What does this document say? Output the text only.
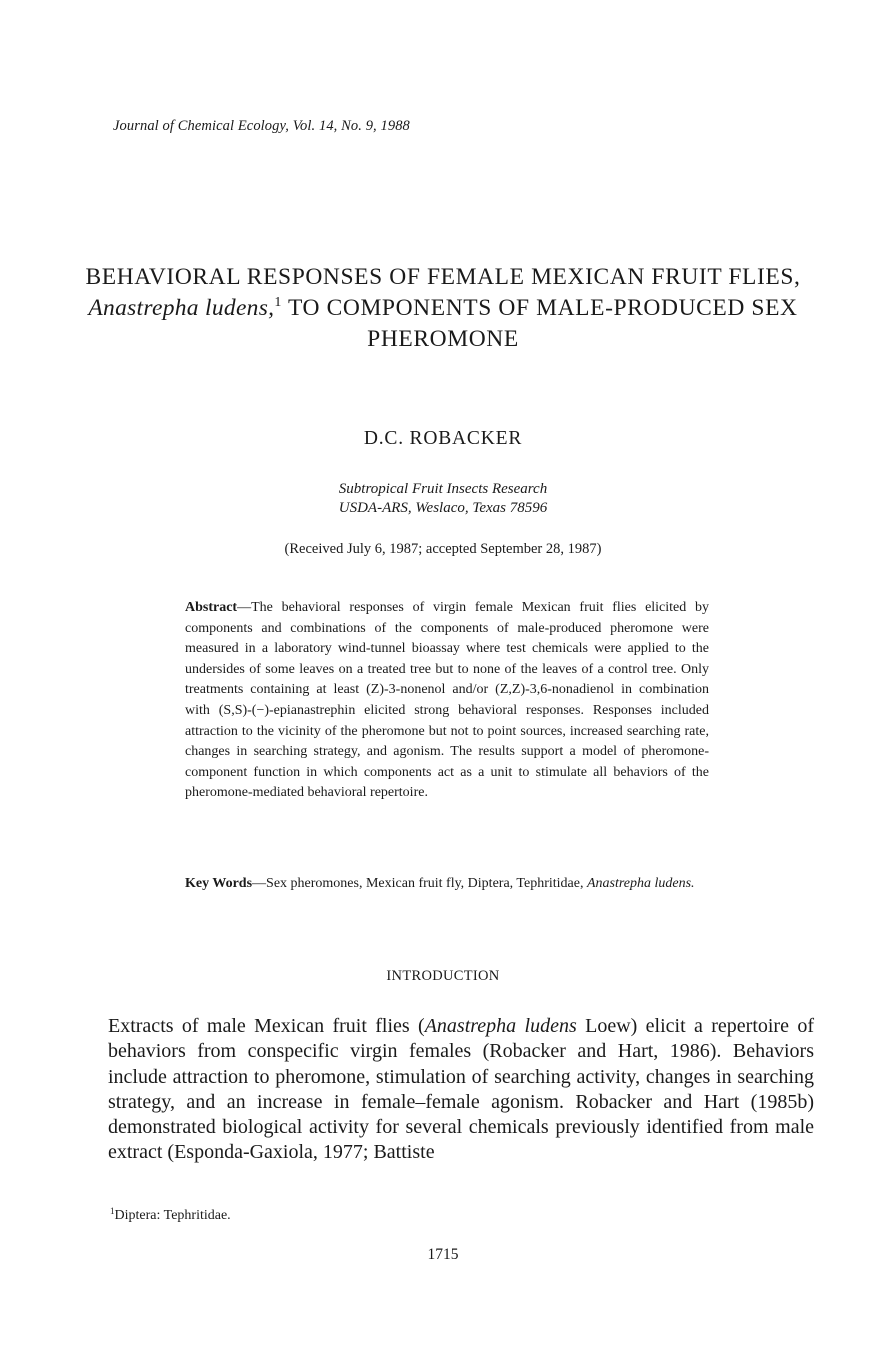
Journal of Chemical Ecology, Vol. 14, No. 9, 1988
BEHAVIORAL RESPONSES OF FEMALE MEXICAN FRUIT FLIES, Anastrepha ludens,$^1$ TO COMPONENTS OF MALE-PRODUCED SEX PHEROMONE
D.C. ROBACKER
Subtropical Fruit Insects Research
USDA-ARS, Weslaco, Texas 78596
(Received July 6, 1987; accepted September 28, 1987)
Abstract—The behavioral responses of virgin female Mexican fruit flies elicited by components and combinations of the components of male-produced pheromone were measured in a laboratory wind-tunnel bioassay where test chemicals were applied to the undersides of some leaves on a treated tree but to none of the leaves of a control tree. Only treatments containing at least (Z)-3-nonenol and/or (Z,Z)-3,6-nonadienol in combination with (S,S)-(−)-epianastrephin elicited strong behavioral responses. Responses included attraction to the vicinity of the pheromone but not to point sources, increased searching rate, changes in searching strategy, and agonism. The results support a model of pheromone-component function in which components act as a unit to stimulate all behaviors of the pheromone-mediated behavioral repertoire.
Key Words—Sex pheromones, Mexican fruit fly, Diptera, Tephritidae, Anastrepha ludens.
INTRODUCTION
Extracts of male Mexican fruit flies (Anastrepha ludens Loew) elicit a repertoire of behaviors from conspecific virgin females (Robacker and Hart, 1986). Behaviors include attraction to pheromone, stimulation of searching activity, changes in searching strategy, and an increase in female–female agonism. Robacker and Hart (1985b) demonstrated biological activity for several chemicals previously identified from male extract (Esponda-Gaxiola, 1977; Battiste
$^1$Diptera: Tephritidae.
1715
